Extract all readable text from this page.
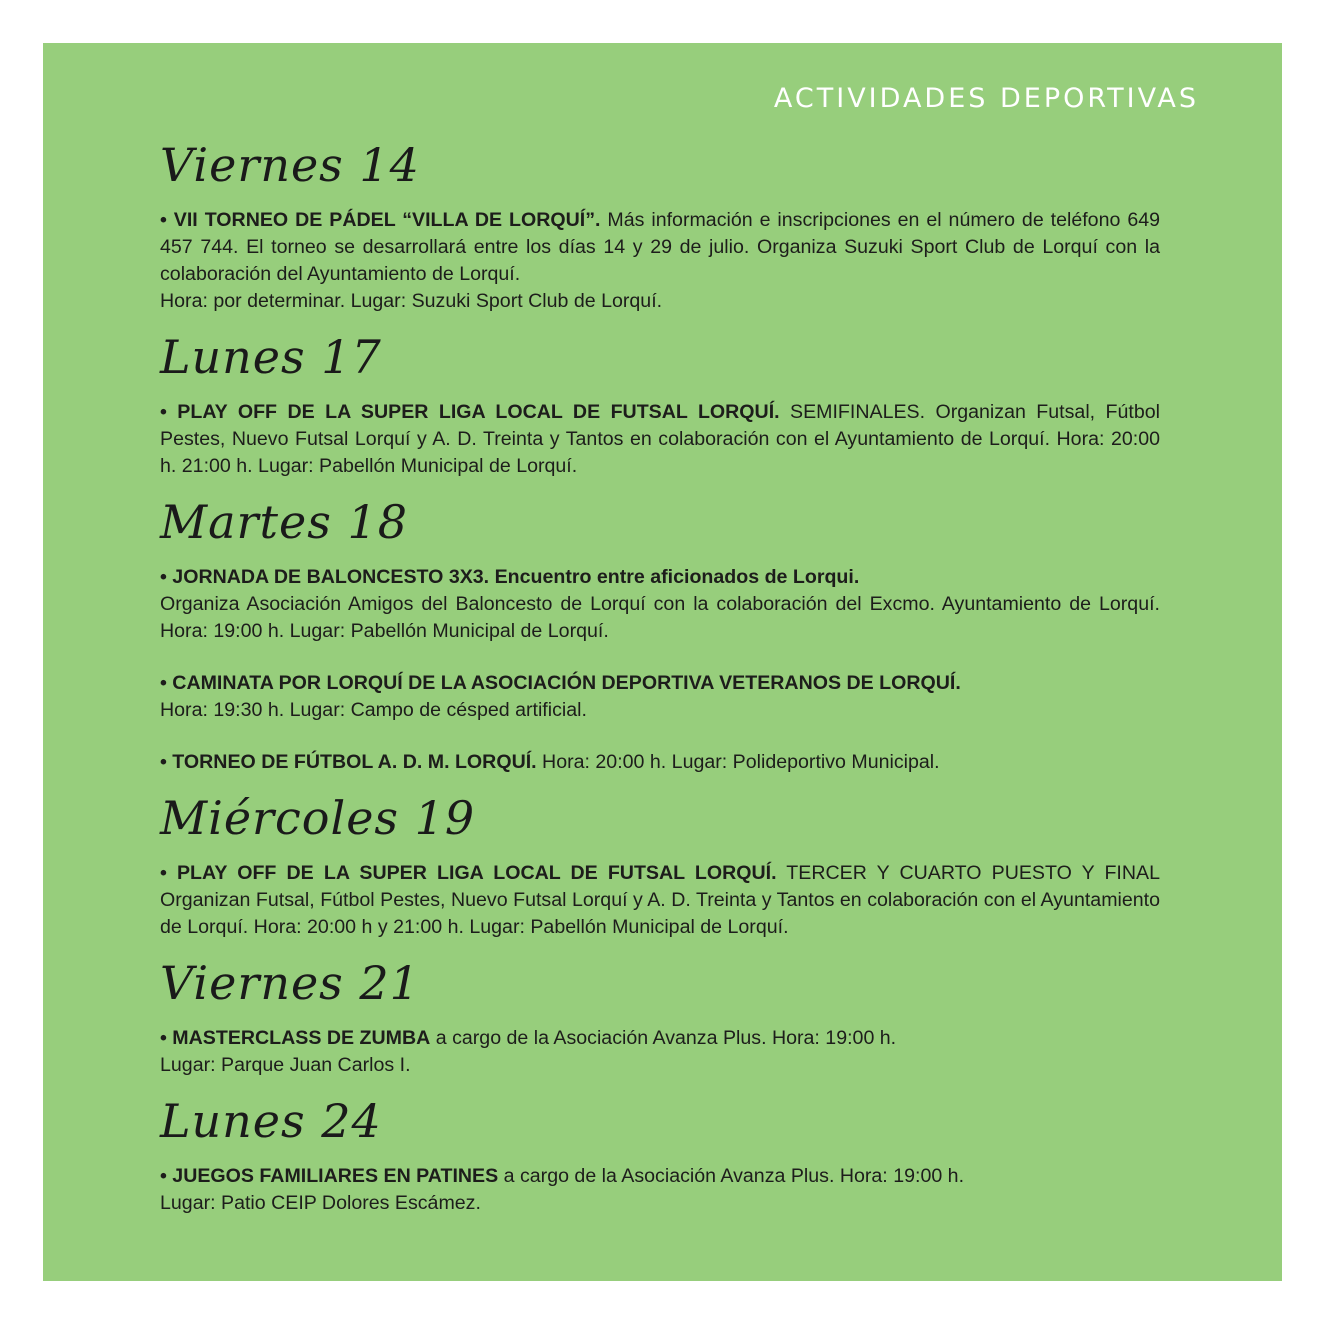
ACTIVIDADES DEPORTIVAS
Viernes 14
• VII TORNEO DE PÁDEL “VILLA DE LORQUÍ”. Más información e inscripciones en el número de teléfono 649 457 744. El torneo se desarrollará entre los días 14 y 29 de julio. Organiza Suzuki Sport Club de Lorquí con la colaboración del Ayuntamiento de Lorquí.
Hora: por determinar. Lugar: Suzuki Sport Club de Lorquí.
Lunes 17
• PLAY OFF DE LA SUPER LIGA LOCAL DE FUTSAL LORQUÍ. SEMIFINALES. Organizan Futsal, Fútbol Pestes, Nuevo Futsal Lorquí y A. D. Treinta y Tantos en colaboración con el Ayuntamiento de Lorquí. Hora: 20:00 h. 21:00 h. Lugar: Pabellón Municipal de Lorquí.
Martes 18
• JORNADA DE BALONCESTO 3X3. Encuentro entre aficionados de Lorqui.
Organiza Asociación Amigos del Baloncesto de Lorquí con la colaboración del Excmo. Ayuntamiento de Lorquí. Hora: 19:00 h. Lugar: Pabellón Municipal de Lorquí.
• CAMINATA POR LORQUÍ DE LA ASOCIACIÓN DEPORTIVA VETERANOS DE LORQUÍ.
Hora: 19:30 h. Lugar: Campo de césped artificial.
• TORNEO DE FÚTBOL A. D. M. LORQUÍ. Hora: 20:00 h. Lugar: Polideportivo Municipal.
Miércoles 19
• PLAY OFF DE LA SUPER LIGA LOCAL DE FUTSAL LORQUÍ. TERCER Y CUARTO PUESTO Y FINAL Organizan Futsal, Fútbol Pestes, Nuevo Futsal Lorquí y A. D. Treinta y Tantos en colaboración con el Ayuntamiento de Lorquí. Hora: 20:00 h y 21:00 h. Lugar: Pabellón Municipal de Lorquí.
Viernes 21
• MASTERCLASS DE ZUMBA a cargo de la Asociación Avanza Plus. Hora: 19:00 h.
Lugar: Parque Juan Carlos I.
Lunes 24
• JUEGOS FAMILIARES EN PATINES a cargo de la Asociación Avanza Plus. Hora: 19:00 h.
Lugar: Patio CEIP Dolores Escámez.
